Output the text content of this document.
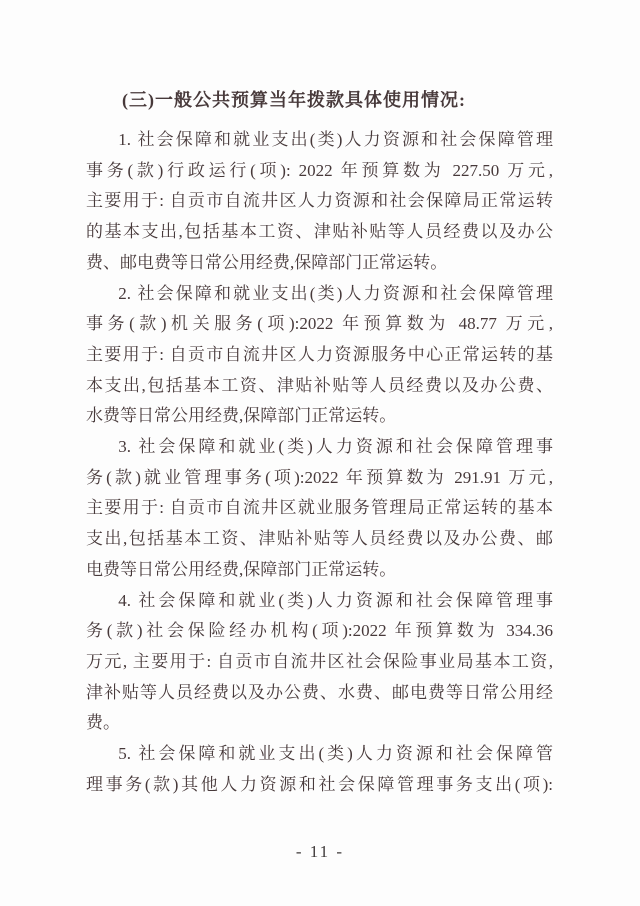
(三)一般公共预算当年拨款具体使用情况:
1. 社会保障和就业支出(类)人力资源和社会保障管理
事务(款)行政运行(项): 2022 年预算数为 227.50 万元,
主要用于: 自贡市自流井区人力资源和社会保障局正常运转
的基本支出,包括基本工资、津贴补贴等人员经费以及办公
费、邮电费等日常公用经费,保障部门正常运转。
2. 社会保障和就业支出(类)人力资源和社会保障管理
事务(款)机关服务(项):2022 年预算数为 48.77 万元,
主要用于: 自贡市自流井区人力资源服务中心正常运转的基
本支出,包括基本工资、津贴补贴等人员经费以及办公费、
水费等日常公用经费,保障部门正常运转。
3. 社会保障和就业(类)人力资源和社会保障管理事
务(款)就业管理事务(项):2022 年预算数为 291.91 万元,
主要用于: 自贡市自流井区就业服务管理局正常运转的基本
支出,包括基本工资、津贴补贴等人员经费以及办公费、邮
电费等日常公用经费,保障部门正常运转。
4. 社会保障和就业(类)人力资源和社会保障管理事
务(款)社会保险经办机构(项):2022 年预算数为 334.36
万元, 主要用于: 自贡市自流井区社会保险事业局基本工资,
津补贴等人员经费以及办公费、水费、邮电费等日常公用经
费。
5. 社会保障和就业支出(类)人力资源和社会保障管
理事务(款)其他人力资源和社会保障管理事务支出(项):
- 11 -
